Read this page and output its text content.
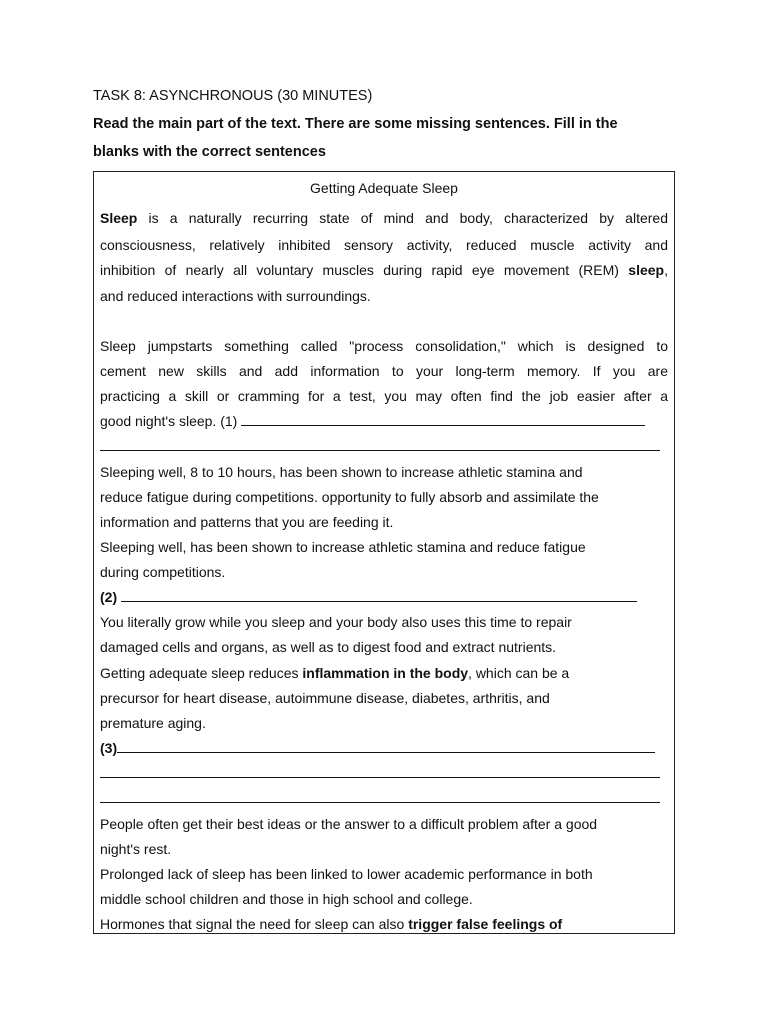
TASK 8: ASYNCHRONOUS (30 MINUTES)
Read the main part of the text. There are some missing sentences. Fill in the
blanks with the correct sentences
Getting Adequate Sleep
Sleep is a naturally recurring state of mind and body, characterized by altered
consciousness, relatively inhibited sensory activity, reduced muscle activity and
inhibition of nearly all voluntary muscles during rapid eye movement (REM) sleep,
and reduced interactions with surroundings.
Sleep jumpstarts something called "process consolidation," which is designed to
cement new skills and add information to your long-term memory. If you are
practicing a skill or cramming for a test, you may often find the job easier after a
good night's sleep. (1)
Sleeping well, 8 to 10 hours, has been shown to increase athletic stamina and
reduce fatigue during competitions. opportunity to fully absorb and assimilate the
information and patterns that you are feeding it.
Sleeping well, has been shown to increase athletic stamina and reduce fatigue
during competitions.
(2)
You literally grow while you sleep and your body also uses this time to repair
damaged cells and organs, as well as to digest food and extract nutrients.
Getting adequate sleep reduces inflammation in the body, which can be a
precursor for heart disease, autoimmune disease, diabetes, arthritis, and
premature aging.
(3)
People often get their best ideas or the answer to a difficult problem after a good
night's rest.
Prolonged lack of sleep has been linked to lower academic performance in both
middle school children and those in high school and college.
Hormones that signal the need for sleep can also trigger false feelings of
